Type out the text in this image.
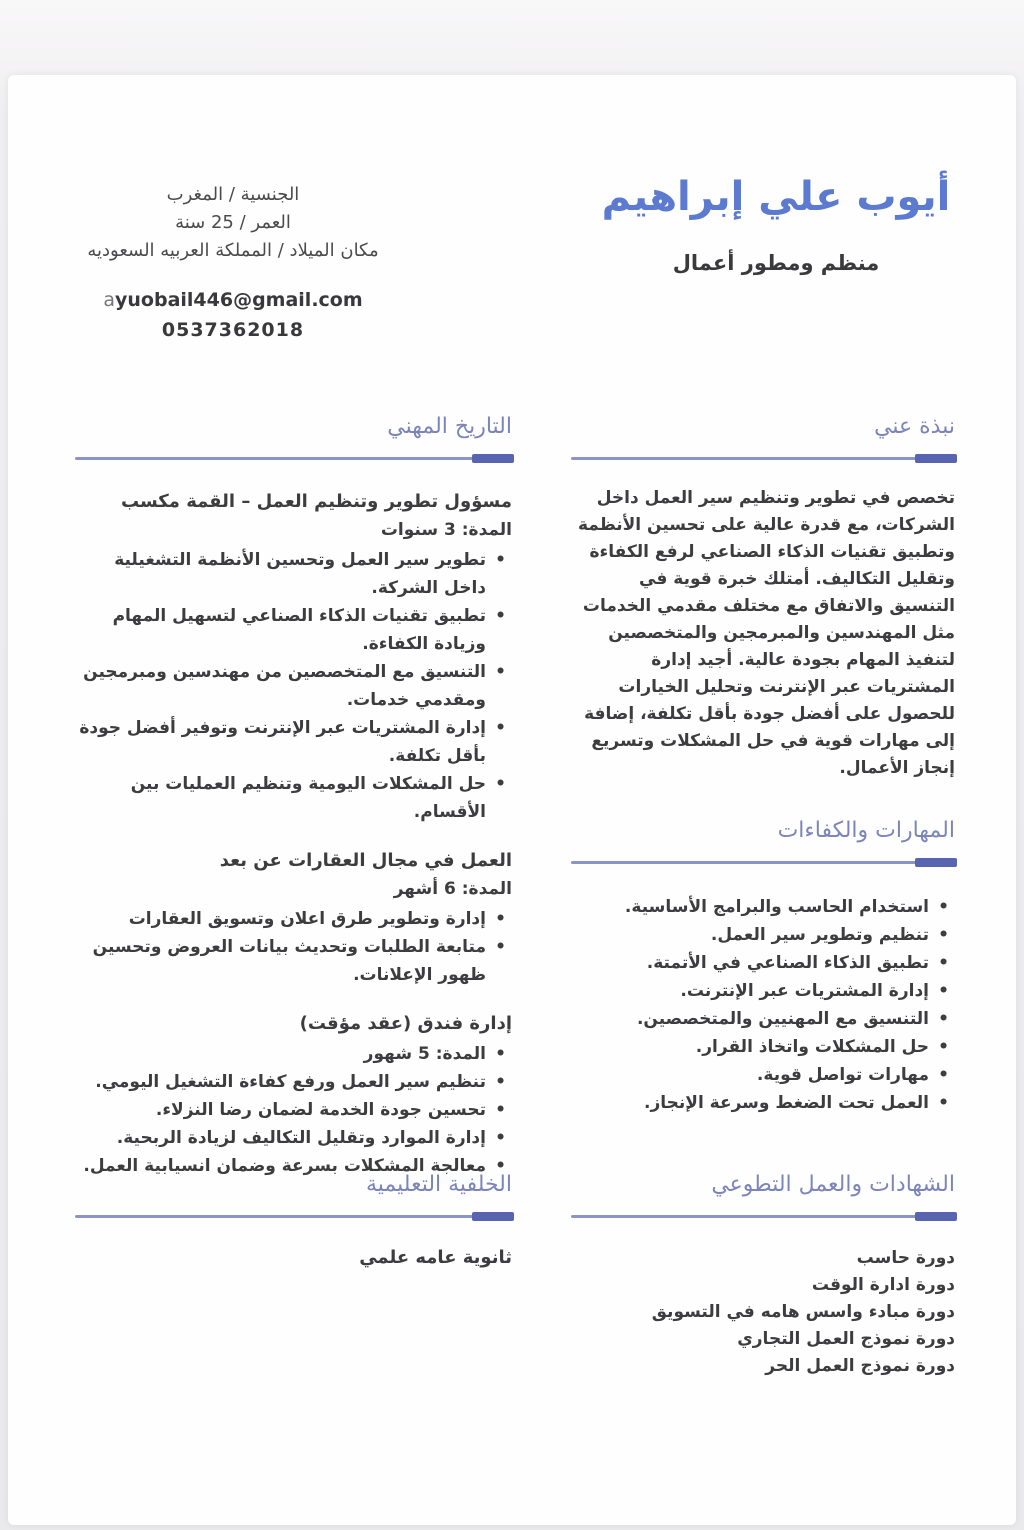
الجنسية / المغرب
العمر / 25 سنة
مكان الميلاد / المملكة العربيه السعوديه
ayuobail446@gmail.com
0537362018
أيوب علي إبراهيم
منظم ومطور أعمال
نبذة عني
تخصص في تطوير وتنظيم سير العمل داخل الشركات، مع قدرة عالية على تحسين الأنظمة وتطبيق تقنيات الذكاء الصناعي لرفع الكفاءة وتقليل التكاليف. أمتلك خبرة قوية في التنسيق والاتفاق مع مختلف مقدمي الخدمات مثل المهندسين والمبرمجين والمتخصصين لتنفيذ المهام بجودة عالية. أجيد إدارة المشتريات عبر الإنترنت وتحليل الخيارات للحصول على أفضل جودة بأقل تكلفة، إضافة إلى مهارات قوية في حل المشكلات وتسريع إنجاز الأعمال.
المهارات والكفاءات
• استخدام الحاسب والبرامج الأساسية.
• تنظيم وتطوير سير العمل.
• تطبيق الذكاء الصناعي في الأتمتة.
• إدارة المشتريات عبر الإنترنت.
• التنسيق مع المهنيين والمتخصصين.
• حل المشكلات واتخاذ القرار.
• مهارات تواصل قوية.
• العمل تحت الضغط وسرعة الإنجاز.
الشهادات والعمل التطوعي
دورة حاسب
دورة ادارة الوقت
دورة مبادء واسس هامه في التسويق
دورة نموذج العمل التجاري
دورة نموذج العمل الحر
التاريخ المهني
مسؤول تطوير وتنظيم العمل – القمة مكسب
المدة: 3 سنوات
• تطوير سير العمل وتحسين الأنظمة التشغيلية داخل الشركة.
• تطبيق تقنيات الذكاء الصناعي لتسهيل المهام وزيادة الكفاءة.
• التنسيق مع المتخصصين من مهندسين ومبرمجين ومقدمي خدمات.
• إدارة المشتريات عبر الإنترنت وتوفير أفضل جودة بأقل تكلفة.
• حل المشكلات اليومية وتنظيم العمليات بين الأقسام.
العمل في مجال العقارات عن بعد
المدة: 6 أشهر
• إدارة وتطوير طرق اعلان وتسويق العقارات
• متابعة الطلبات وتحديث بيانات العروض وتحسين ظهور الإعلانات.
إدارة فندق (عقد مؤقت)
• المدة: 5 شهور
• تنظيم سير العمل ورفع كفاءة التشغيل اليومي.
• تحسين جودة الخدمة لضمان رضا النزلاء.
• إدارة الموارد وتقليل التكاليف لزيادة الربحية.
• معالجة المشكلات بسرعة وضمان انسيابية العمل.
الخلفية التعليمية
ثانوية عامه علمي
